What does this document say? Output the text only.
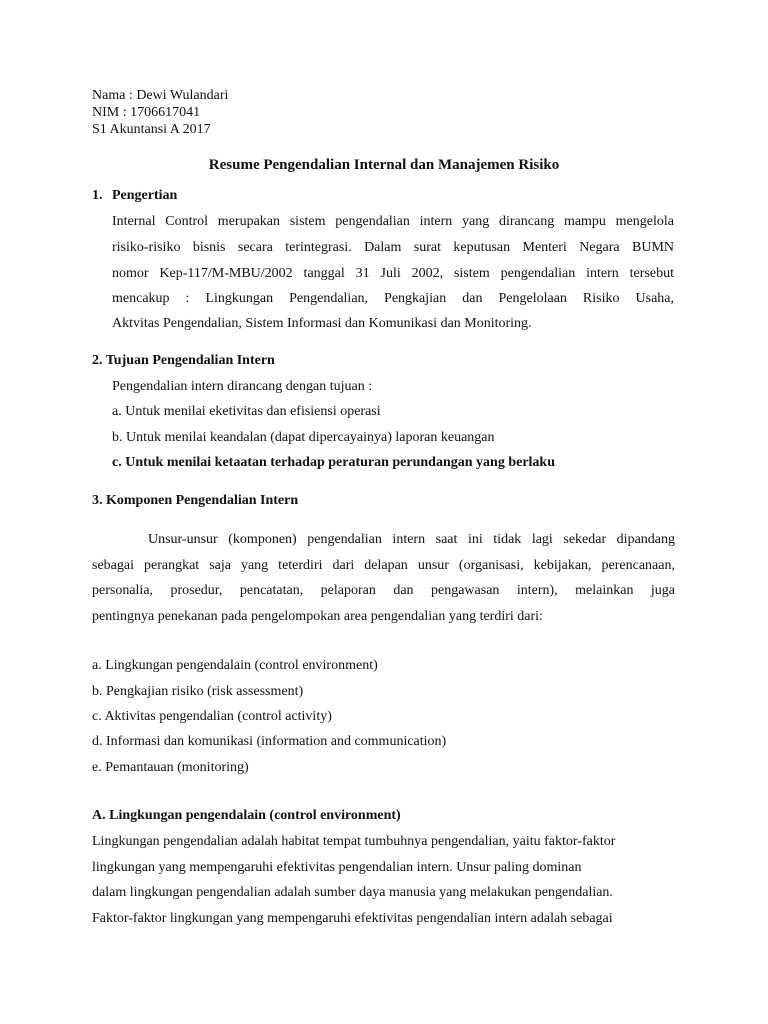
Nama : Dewi Wulandari

NIM : 1706617041

S1 Akuntansi A 2017

Resume Pengendalian Internal dan Manajemen Risiko

1. Pengertian

Internal Control merupakan sistem pengendalian intern yang dirancang mampu mengelola

risiko-risiko bisnis secara terintegrasi. Dalam surat keputusan Menteri Negara BUMN

nomor Kep-117/M-MBU/2002 tanggal 31 Juli 2002, sistem pengendalian intern tersebut

mencakup : Lingkungan Pengendalian, Pengkajian dan Pengelolaan Risiko Usaha,

Aktvitas Pengendalian, Sistem Informasi dan Komunikasi dan Monitoring.

2. Tujuan Pengendalian Intern

Pengendalian intern dirancang dengan tujuan :

a. Untuk menilai eketivitas dan efisiensi operasi

b. Untuk menilai keandalan (dapat dipercayainya) laporan keuangan

c. Untuk menilai ketaatan terhadap peraturan perundangan yang berlaku

3. Komponen Pengendalian Intern

Unsur-unsur (komponen) pengendalian intern saat ini tidak lagi sekedar dipandang

sebagai perangkat saja yang teterdiri dari delapan unsur (organisasi, kebijakan, perencanaan,

personalia, prosedur, pencatatan, pelaporan dan pengawasan intern), melainkan juga

pentingnya penekanan pada pengelompokan area pengendalian yang terdiri dari:

a. Lingkungan pengendalain (control environment)

b. Pengkajian risiko (risk assessment)

c. Aktivitas pengendalian (control activity)

d. Informasi dan komunikasi (information and communication)

e. Pemantauan (monitoring)

A. Lingkungan pengendalain (control environment)

Lingkungan pengendalian adalah habitat tempat tumbuhnya pengendalian, yaitu faktor-faktor

lingkungan yang mempengaruhi efektivitas pengendalian intern. Unsur paling dominan

dalam lingkungan pengendalian adalah sumber daya manusia yang melakukan pengendalian.

Faktor-faktor lingkungan yang mempengaruhi efektivitas pengendalian intern adalah sebagai
